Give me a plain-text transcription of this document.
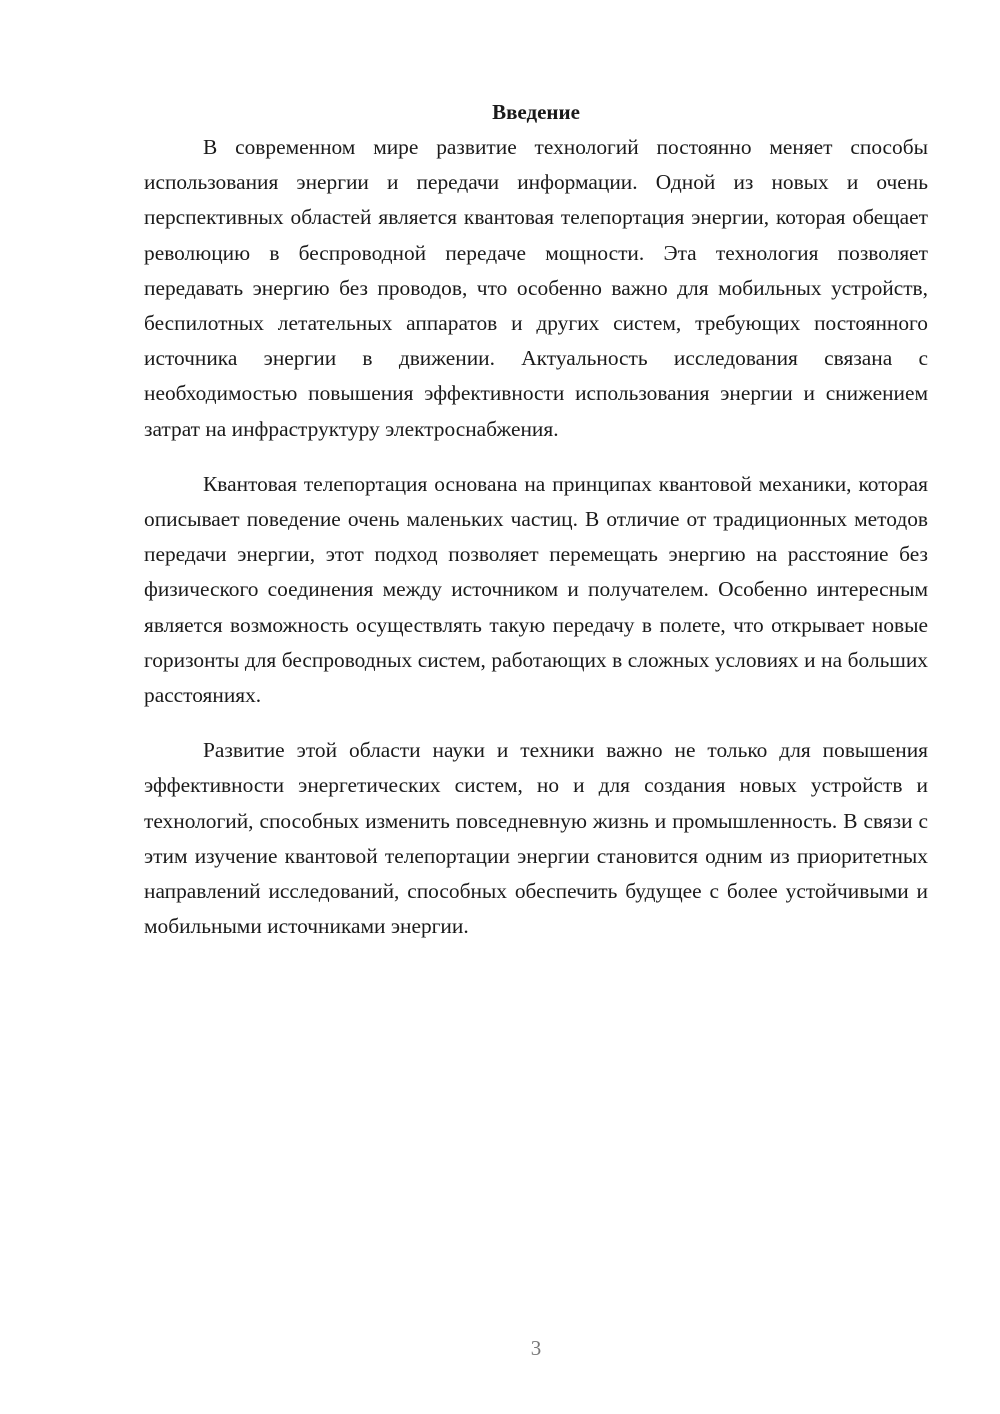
Введение

В современном мире развитие технологий постоянно меняет способы использования энергии и передачи информации. Одной из новых и очень перспективных областей является квантовая телепортация энергии, которая обещает революцию в беспроводной передаче мощности. Эта технология позволяет передавать энергию без проводов, что особенно важно для мобильных устройств, беспилотных летательных аппаратов и других систем, требующих постоянного источника энергии в движении. Актуальность исследования связана с необходимостью повышения эффективности использования энергии и снижением затрат на инфраструктуру электроснабжения.

Квантовая телепортация основана на принципах квантовой механики, которая описывает поведение очень маленьких частиц. В отличие от традиционных методов передачи энергии, этот подход позволяет перемещать энергию на расстояние без физического соединения между источником и получателем. Особенно интересным является возможность осуществлять такую передачу в полете, что открывает новые горизонты для беспроводных систем, работающих в сложных условиях и на больших расстояниях.

Развитие этой области науки и техники важно не только для повышения эффективности энергетических систем, но и для создания новых устройств и технологий, способных изменить повседневную жизнь и промышленность. В связи с этим изучение квантовой телепортации энергии становится одним из приоритетных направлений исследований, способных обеспечить будущее с более устойчивыми и мобильными источниками энергии.

3
